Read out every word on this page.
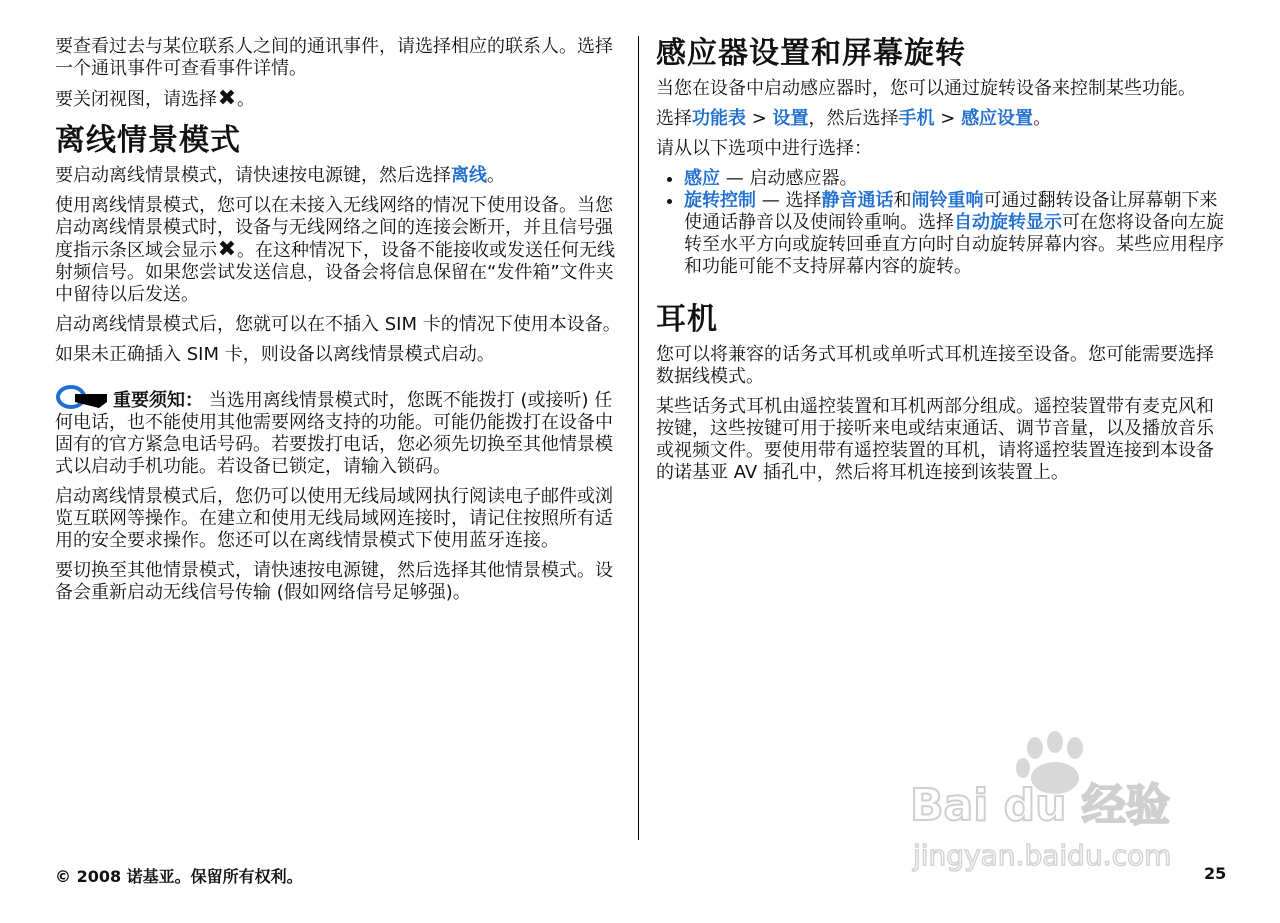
要查看过去与某位联系人之间的通讯事件，请选择相应的联系人。选择一个通讯事件可查看事件详情。

要关闭视图，请选择✖。

离线情景模式

要启动离线情景模式，请快速按电源键，然后选择离线。

使用离线情景模式，您可以在未接入无线网络的情况下使用设备。当您启动离线情景模式时，设备与无线网络之间的连接会断开，并且信号强度指示条区域会显示✖。在这种情况下，设备不能接收或发送任何无线射频信号。如果您尝试发送信息，设备会将信息保留在“发件箱”文件夹中留待以后发送。

启动离线情景模式后，您就可以在不插入 SIM 卡的情况下使用本设备。

如果未正确插入 SIM 卡，则设备以离线情景模式启动。

重要须知： 当选用离线情景模式时，您既不能拨打 (或接听) 任何电话，也不能使用其他需要网络支持的功能。可能仍能拨打在设备中固有的官方紧急电话号码。若要拨打电话，您必须先切换至其他情景模式以启动手机功能。若设备已锁定，请输入锁码。

启动离线情景模式后，您仍可以使用无线局域网执行阅读电子邮件或浏览互联网等操作。在建立和使用无线局域网连接时，请记住按照所有适用的安全要求操作。您还可以在离线情景模式下使用蓝牙连接。

要切换至其他情景模式，请快速按电源键，然后选择其他情景模式。设备会重新启动无线信号传输 (假如网络信号足够强)。

感应器设置和屏幕旋转

当您在设备中启动感应器时，您可以通过旋转设备来控制某些功能。

选择功能表 > 设置，然后选择手机 > 感应设置。

请从以下选项中进行选择：

• 感应 — 启动感应器。
• 旋转控制 — 选择静音通话和闹铃重响可通过翻转设备让屏幕朝下来使通话静音以及使闹铃重响。选择自动旋转显示可在您将设备向左旋转至水平方向或旋转回垂直方向时自动旋转屏幕内容。某些应用程序和功能可能不支持屏幕内容的旋转。
耳机

您可以将兼容的话务式耳机或单听式耳机连接至设备。您可能需要选择数据线模式。

某些话务式耳机由遥控装置和耳机两部分组成。遥控装置带有麦克风和按键，这些按键可用于接听来电或结束通话、调节音量，以及播放音乐或视频文件。要使用带有遥控装置的耳机，请将遥控装置连接到本设备的诺基亚 AV 插孔中，然后将耳机连接到该装置上。

Bai du 经验
jingyan.baidu.com
© 2008 诺基亚。保留所有权利。	25
